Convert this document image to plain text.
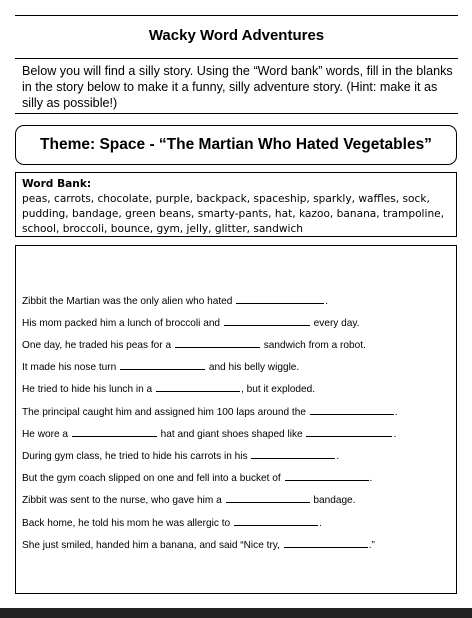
Wacky Word Adventures
Below you will find a silly story. Using the “Word bank” words, fill in the blanks in the story below to make it a funny, silly adventure story. (Hint: make it as silly as possible!)
Theme: Space - “The Martian Who Hated Vegetables”
Word Bank:
peas, carrots, chocolate, purple, backpack, spaceship, sparkly, waffles, sock, pudding, bandage, green beans, smarty-pants, hat, kazoo, banana, trampoline, school, broccoli, bounce, gym, jelly, glitter, sandwich
Zibbit the Martian was the only alien who hated	.
His mom packed him a lunch of broccoli and	every day.
One day, he traded his peas for a	sandwich from a robot.
It made his nose turn	and his belly wiggle.
He tried to hide his lunch in a	, but it exploded.
The principal caught him and assigned him 100 laps around the	.
He wore a	hat and giant shoes shaped like	.
During gym class, he tried to hide his carrots in his	.
But the gym coach slipped on one and fell into a bucket of	.
Zibbit was sent to the nurse, who gave him a	bandage.
Back home, he told his mom he was allergic to	.
She just smiled, handed him a banana, and said “Nice try,	.”
